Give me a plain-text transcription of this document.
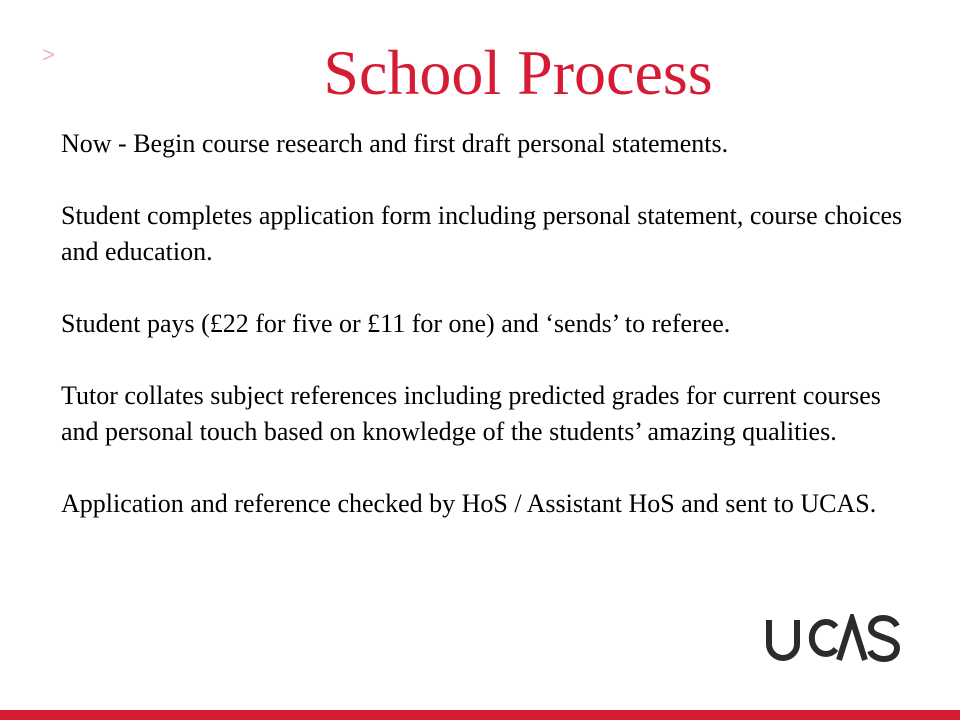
>	School Process

Now - Begin course research and first draft personal statements.

Student completes application form including personal statement, course choices and education.

Student pays (£22 for five or £11 for one) and ‘sends’ to referee.

Tutor collates subject references including predicted grades for current courses and personal touch based on knowledge of the students’ amazing qualities.

Application and reference checked by HoS / Assistant HoS and sent to UCAS.
